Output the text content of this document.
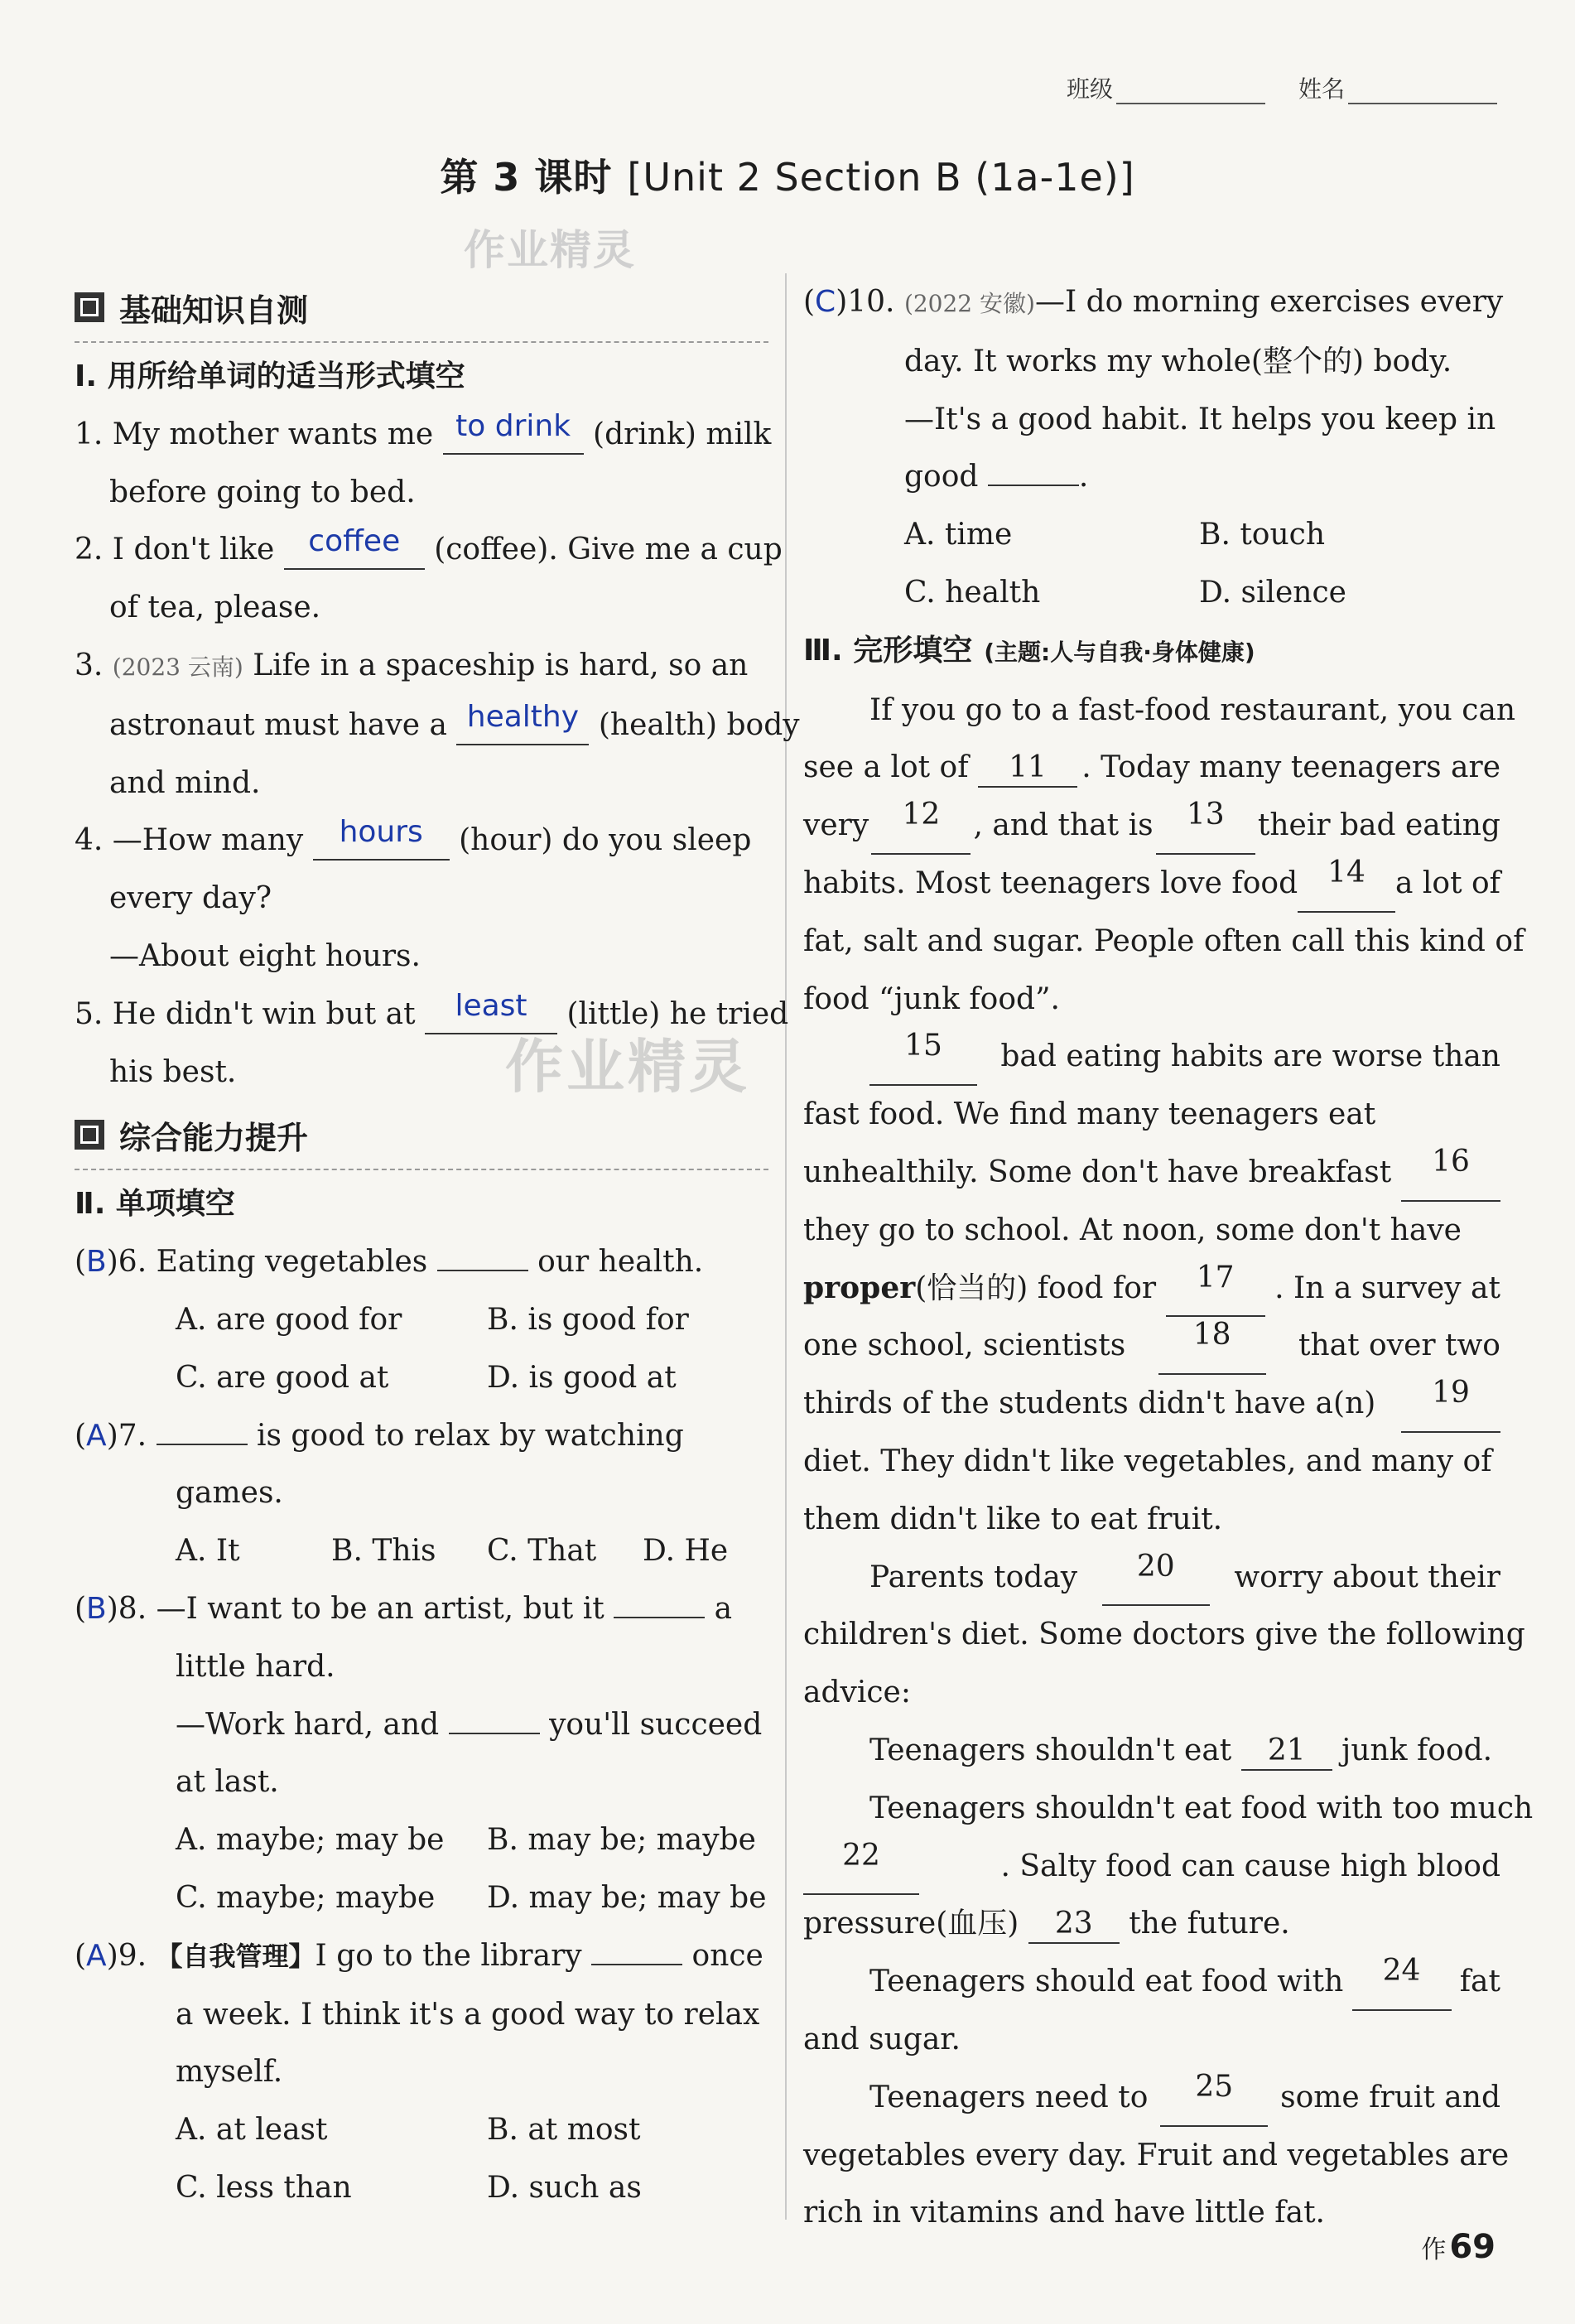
班级	姓名
第 3 课时 [Unit 2 Section B (1a-1e)]
作业精灵
基础知识自测
Ⅰ. 用所给单词的适当形式填空
1. My mother wants me to drink (drink) milk
before going to bed.
2. I don't like coffee (coffee). Give me a cup
of tea, please.
3. (2023 云南) Life in a spaceship is hard, so an
astronaut must have a healthy (health) body
and mind.
4. —How many hours (hour) do you sleep
every day?
—About eight hours.
5. He didn't win but at least (little) he tried
his best.
综合能力提升
Ⅱ. 单项填空
(B)6. Eating vegetables	our health.
A. are good for	B. is good for
C. are good at	D. is good at
(A)7.	is good to relax by watching
games.
A. It	B. This C. That D. He
(B)8. —I want to be an artist, but it	a
little hard.
—Work hard, and	you'll succeed
at last.
A. maybe; may be B. may be; maybe
C. maybe; maybe D. may be; may be
(A)9. 【自我管理】I go to the library	once
a week. I think it's a good way to relax
myself.
A. at least	B. at most
C. less than	D. such as
作业精灵
(C)10. (2022 安徽)—I do morning exercises every
day. It works my whole(整个的) body.
—It's a good habit. It helps you keep in
good	.
A. time	B. touch
C. health	D. silence
Ⅲ. 完形填空 (主题:人与自我·身体健康)
If you go to a fast-food restaurant, you can
see a lot of 11	. Today many teenagers are
very	12	, and that is	13	their bad eating
habits. Most teenagers love food	14	a lot of
fat, salt and sugar. People often call this kind of
food “junk food”.
15	bad eating habits are worse than
fast food. We find many teenagers eat
unhealthily. Some don't have breakfast	16
they go to school. At noon, some don't have
proper(恰当的) food for	17	. In a survey at
one school, scientists	18	that over two
thirds of the students didn't have a(n)	19
diet. They didn't like vegetables, and many of
them didn't like to eat fruit.
Parents today	20	worry about their
children's diet. Some doctors give the following
advice:
Teenagers shouldn't eat 21 junk food.
Teenagers shouldn't eat food with too much
22	. Salty food can cause high blood
pressure(血压) 23 the future.
Teenagers should eat food with	24	fat
and sugar.
Teenagers need to	25	some fruit and
vegetables every day. Fruit and vegetables are
rich in vitamins and have little fat.
作 69
